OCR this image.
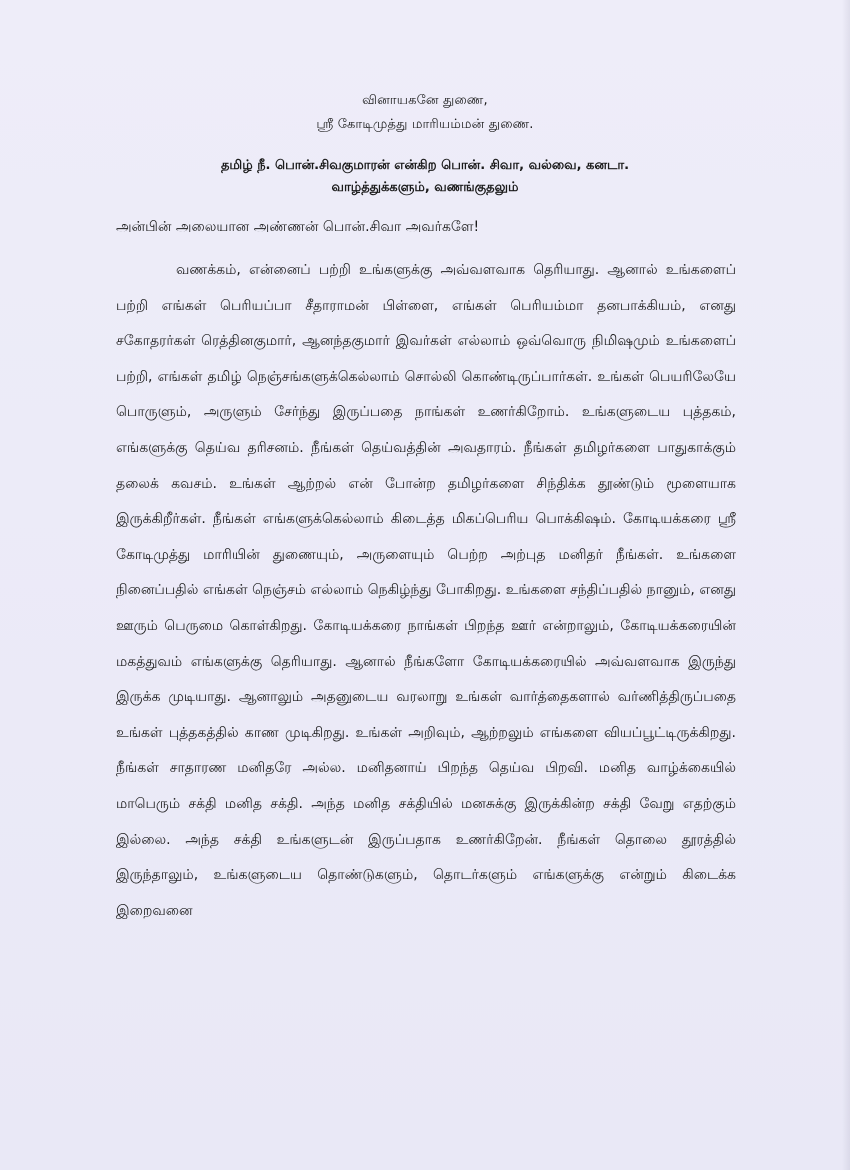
வினாயகனே துணை,
ஸ்ரீ கோடிமுத்து மாரியம்மன் துணை.
தமிழ் நீ. பொன்.சிவகுமாரன் என்கிற பொன். சிவா, வல்வை, கனடா.
வாழ்த்துக்களும், வணங்குதலும்
அன்பின் அலையான அண்ணன் பொன்.சிவா அவர்களே!

வணக்கம், என்னைப் பற்றி உங்களுக்கு அவ்வளவாக தெரியாது. ஆனால் உங்களைப் பற்றி எங்கள் பெரியப்பா சீதாராமன் பிள்ளை, எங்கள் பெரியம்மா தனபாக்கியம், எனது சகோதரர்கள் ரெத்தினகுமார், ஆனந்தகுமார் இவர்கள் எல்லாம் ஒவ்வொரு நிமிஷமும் உங்களைப் பற்றி, எங்கள் தமிழ் நெஞ்சங்களுக்கெல்லாம் சொல்லி கொண்டிருப்பார்கள். உங்கள் பெயரிலேயே பொருளும், அருளும் சேர்ந்து இருப்பதை நாங்கள் உணர்கிறோம். உங்களுடைய புத்தகம், எங்களுக்கு தெய்வ தரிசனம். நீங்கள் தெய்வத்தின் அவதாரம். நீங்கள் தமிழர்களை பாதுகாக்கும் தலைக் கவசம். உங்கள் ஆற்றல் என் போன்ற தமிழர்களை சிந்திக்க தூண்டும் மூளையாக இருக்கிறீர்கள். நீங்கள் எங்களுக்கெல்லாம் கிடைத்த மிகப்பெரிய பொக்கிஷம். கோடியக்கரை ஸ்ரீ கோடிமுத்து மாரியின் துணையும், அருளையும் பெற்ற அற்புத மனிதர் நீங்கள். உங்களை நினைப்பதில் எங்கள் நெஞ்சம் எல்லாம் நெகிழ்ந்து போகிறது. உங்களை சந்திப்பதில் நானும், எனது ஊரும் பெருமை கொள்கிறது. கோடியக்கரை நாங்கள் பிறந்த ஊர் என்றாலும், கோடியக்கரையின் மகத்துவம் எங்களுக்கு தெரியாது. ஆனால் நீங்களோ கோடியக்கரையில் அவ்வளவாக இருந்து இருக்க முடியாது. ஆனாலும் அதனுடைய வரலாறு உங்கள் வார்த்தைகளால் வர்ணித்திருப்பதை உங்கள் புத்தகத்தில் காண முடிகிறது. உங்கள் அறிவும், ஆற்றலும் எங்களை வியப்பூட்டிருக்கிறது. நீங்கள் சாதாரண மனிதரே அல்ல. மனிதனாய் பிறந்த தெய்வ பிறவி. மனித வாழ்க்கையில் மாபெரும் சக்தி மனித சக்தி. அந்த மனித சக்தியில் மனசுக்கு இருக்கின்ற சக்தி வேறு எதற்கும் இல்லை. அந்த சக்தி உங்களுடன் இருப்பதாக உணர்கிறேன். நீங்கள் தொலை தூரத்தில் இருந்தாலும், உங்களுடைய தொண்டுகளும், தொடர்களும் எங்களுக்கு என்றும் கிடைக்க இறைவனை
